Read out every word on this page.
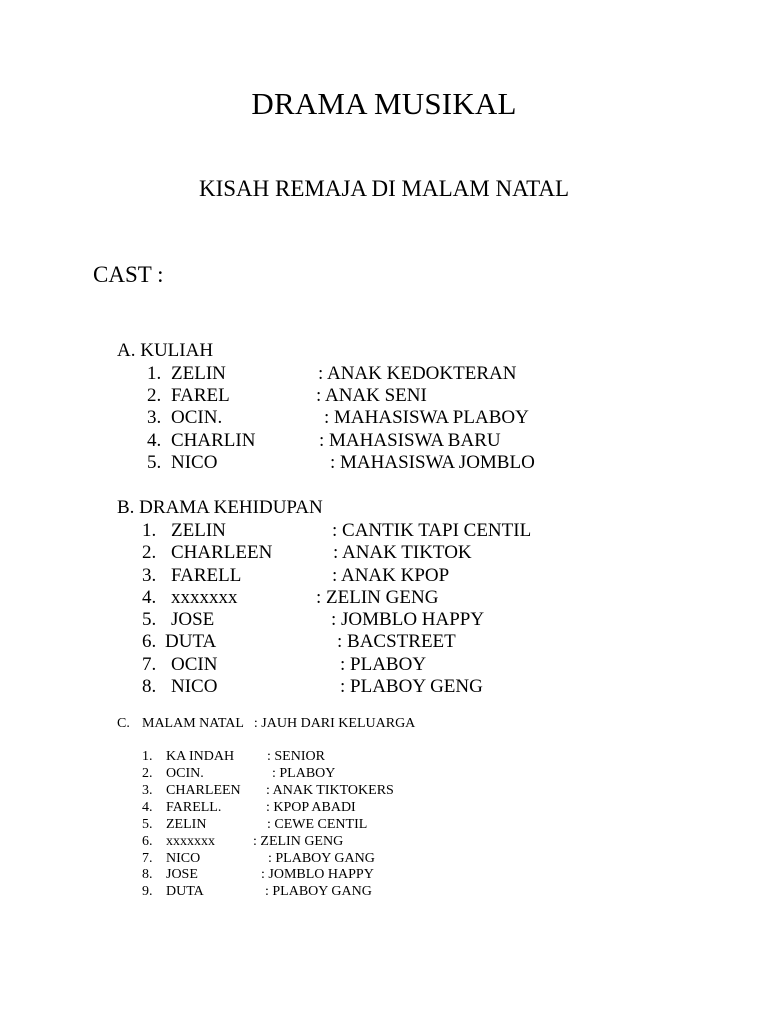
DRAMA MUSIKAL
KISAH REMAJA DI MALAM NATAL
CAST :
A. KULIAH
1. ZELIN	: ANAK KEDOKTERAN
2. FAREL	: ANAK SENI
3. OCIN.	: MAHASISWA PLABOY
4. CHARLIN	: MAHASISWA BARU
5. NICO	: MAHASISWA JOMBLO
B. DRAMA KEHIDUPAN
1. ZELIN	: CANTIK TAPI CENTIL
2. CHARLEEN	: ANAK TIKTOK
3. FARELL	: ANAK KPOP
4. xxxxxxx	: ZELIN GENG
5. JOSE	: JOMBLO HAPPY
6. DUTA	: BACSTREET
7. OCIN	: PLABOY
8. NICO	: PLABOY GENG
C. MALAM NATAL   : JAUH DARI KELUARGA
1. KA INDAH : SENIOR
2. OCIN.	: PLABOY
3. CHARLEEN : ANAK TIKTOKERS
4. FARELL.	: KPOP ABADI
5. ZELIN	: CEWE CENTIL
6. xxxxxxx	: ZELIN GENG
7. NICO	: PLABOY GANG
8. JOSE	: JOMBLO HAPPY
9. DUTA	: PLABOY GANG
